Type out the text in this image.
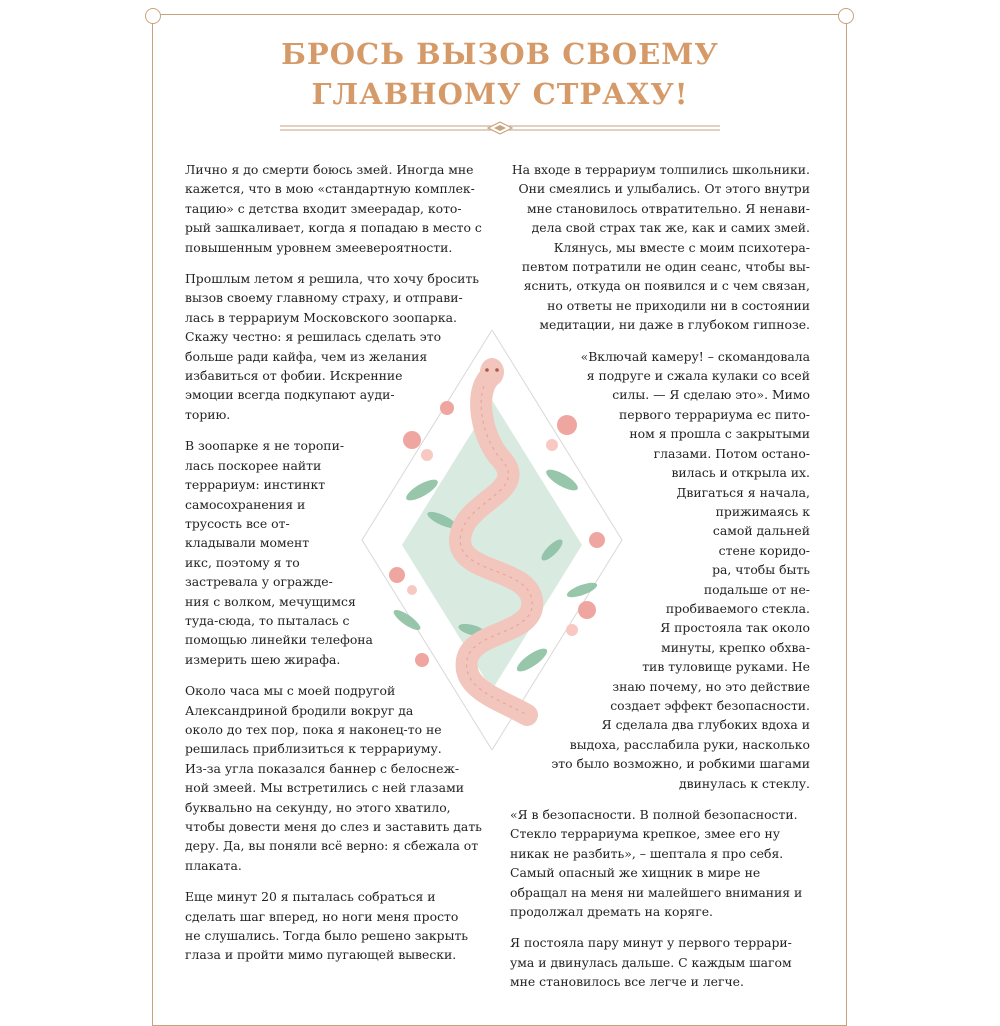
БРОСЬ ВЫЗОВ СВОЕМУ
ГЛАВНОМУ СТРАХУ!

Лично я до смерти боюсь змей. Иногда мне
кажется, что в мою «стандартную комплек-
тацию» с детства входит змеерадар, кото-
рый зашкаливает, когда я попадаю в место с
повышенным уровнем змеевероятности.

Прошлым летом я решила, что хочу бросить
вызов своему главному страху, и отправи-
лась в террариум Московского зоопарка.
Скажу честно: я решилась сделать это
больше ради кайфа, чем из желания
избавиться от фобии. Искренние
эмоции всегда подкупают ауди-
торию.

В зоопарке я не торопи-
лась поскорее найти
террариум: инстинкт
самосохранения и
трусость все от-
кладывали момент
икс, поэтому я то
застревала у огражде-
ния с волком, мечущимся
туда-сюда, то пыталась с
помощью линейки телефона
измерить шею жирафа.

Около часа мы с моей подругой
Александриной бродили вокруг да
около до тех пор, пока я наконец-то не
решилась приблизиться к террариуму.
Из-за угла показался баннер с белоснеж-
ной змеей. Мы встретились с ней глазами
буквально на секунду, но этого хватило,
чтобы довести меня до слез и заставить дать
деру. Да, вы поняли всё верно: я сбежала от
плаката.

Еще минут 20 я пыталась собраться и
сделать шаг вперед, но ноги меня просто
не слушались. Тогда было решено закрыть
глаза и пройти мимо пугающей вывески.

На входе в террариум толпились школьники.
Они смеялись и улыбались. От этого внутри
мне становилось отвратительно. Я ненави-
дела свой страх так же, как и самих змей.
Клянусь, мы вместе с моим психотера-
певтом потратили не один сеанс, чтобы вы-
яснить, откуда он появился и с чем связан,
но ответы не приходили ни в состоянии
медитации, ни даже в глубоком гипнозе.

«Включай камеру! – скомандовала
я подруге и сжала кулаки со всей
силы. — Я сделаю это». Мимо
первого террариума ес пито-
ном я прошла с закрытыми
глазами. Потом остано-
вилась и открыла их.
Двигаться я начала,
прижимаясь к
самой дальней
стене коридо-
ра, чтобы быть
подальше от не-
пробиваемого стекла.
Я простояла так около
минуты, крепко обхва-
тив туловище руками. Не
знаю почему, но это действие
создает эффект безопасности.
Я сделала два глубоких вдоха и
выдоха, расслабила руки, насколько
это было возможно, и робкими шагами
двинулась к стеклу.

«Я в безопасности. В полной безопасности.
Стекло террариума крепкое, змее его ну
никак не разбить», – шептала я про себя.
Самый опасный же хищник в мире не
обращал на меня ни малейшего внимания и
продолжал дремать на коряге.

Я постояла пару минут у первого террари-
ума и двинулась дальше. С каждым шагом
мне становилось все легче и легче.
